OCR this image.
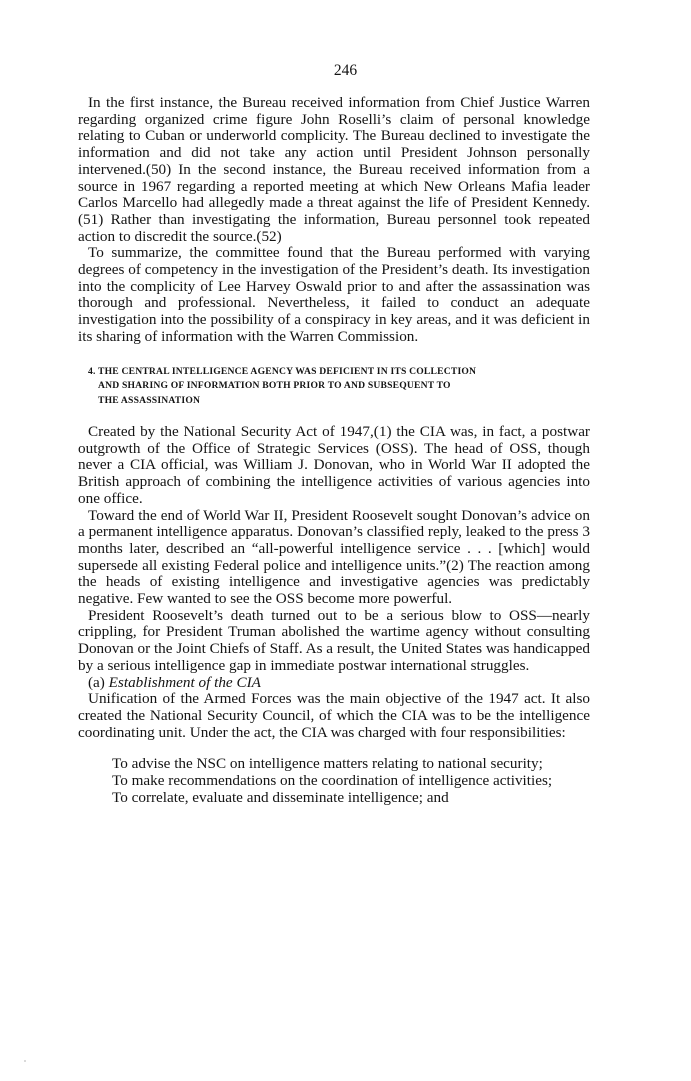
246

In the first instance, the Bureau received information from Chief Justice Warren regarding organized crime figure John Roselli’s claim of personal knowledge relating to Cuban or underworld complicity. The Bureau declined to investigate the information and did not take any action until President Johnson personally intervened.(50) In the second instance, the Bureau received information from a source in 1967 regarding a reported meeting at which New Orleans Mafia leader Carlos Marcello had allegedly made a threat against the life of President Kennedy.(51) Rather than investigating the information, Bureau personnel took repeated action to discredit the source.(52)

To summarize, the committee found that the Bureau performed with varying degrees of competency in the investigation of the President’s death. Its investigation into the complicity of Lee Harvey Oswald prior to and after the assassination was thorough and professional. Nevertheless, it failed to conduct an adequate investigation into the possibility of a conspiracy in key areas, and it was deficient in its sharing of information with the Warren Commission.

4. THE CENTRAL INTELLIGENCE AGENCY WAS DEFICIENT IN ITS COLLECTION
AND SHARING OF INFORMATION BOTH PRIOR TO AND SUBSEQUENT TO
THE ASSASSINATION

Created by the National Security Act of 1947,(1) the CIA was, in fact, a postwar outgrowth of the Office of Strategic Services (OSS). The head of OSS, though never a CIA official, was William J. Donovan, who in World War II adopted the British approach of combining the intelligence activities of various agencies into one office.

Toward the end of World War II, President Roosevelt sought Donovan’s advice on a permanent intelligence apparatus. Donovan’s classified reply, leaked to the press 3 months later, described an “all-powerful intelligence service . . . [which] would supersede all existing Federal police and intelligence units.”(2) The reaction among the heads of existing intelligence and investigative agencies was predictably negative. Few wanted to see the OSS become more powerful.

President Roosevelt’s death turned out to be a serious blow to OSS—nearly crippling, for President Truman abolished the wartime agency without consulting Donovan or the Joint Chiefs of Staff. As a result, the United States was handicapped by a serious intelligence gap in immediate postwar international struggles.

(a) Establishment of the CIA

Unification of the Armed Forces was the main objective of the 1947 act. It also created the National Security Council, of which the CIA was to be the intelligence coordinating unit. Under the act, the CIA was charged with four responsibilities:

To advise the NSC on intelligence matters relating to national security;

To make recommendations on the coordination of intelligence activities;

To correlate, evaluate and disseminate intelligence; and
